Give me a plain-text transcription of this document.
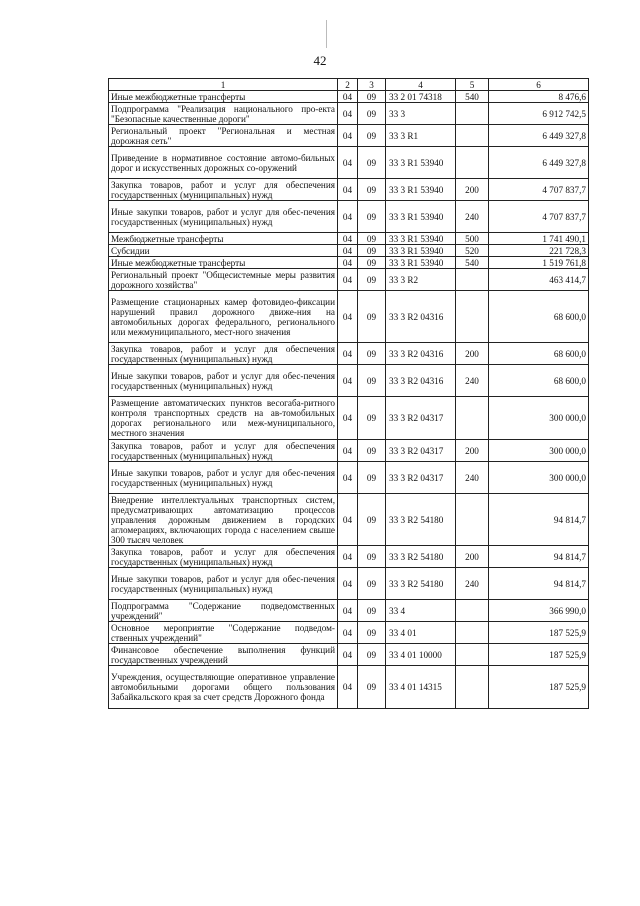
42
1	2	3	4	5	6
Иные межбюджетные трансферты	04	09	33 2 01 74318	540	8 476,6
Подпрограмма "Реализация национального про-екта "Безопасные качественные дороги"	04	09	33 3		6 912 742,5
Региональный проект "Региональная и местная дорожная сеть"	04	09	33 3 R1		6 449 327,8
Приведение в нормативное состояние автомо-бильных дорог и искусственных дорожных со-оружений	04	09	33 3 R1 53940		6 449 327,8
Закупка товаров, работ и услуг для обеспечения государственных (муниципальных) нужд	04	09	33 3 R1 53940	200	4 707 837,7
Иные закупки товаров, работ и услуг для обес-печения государственных (муниципальных) нужд	04	09	33 3 R1 53940	240	4 707 837,7
Межбюджетные трансферты	04	09	33 3 R1 53940	500	1 741 490,1
Субсидии	04	09	33 3 R1 53940	520	221 728,3
Иные межбюджетные трансферты	04	09	33 3 R1 53940	540	1 519 761,8
Региональный проект "Общесистемные меры развития дорожного хозяйства"	04	09	33 3 R2		463 414,7
Размещение стационарных камер фотовидео-фиксации нарушений правил дорожного движе-ния на автомобильных дорогах федерального, регионального или межмуниципального, мест-ного значения	04	09	33 3 R2 04316		68 600,0
Закупка товаров, работ и услуг для обеспечения государственных (муниципальных) нужд	04	09	33 3 R2 04316	200	68 600,0
Иные закупки товаров, работ и услуг для обес-печения государственных (муниципальных) нужд	04	09	33 3 R2 04316	240	68 600,0
Размещение автоматических пунктов весогаба-ритного контроля транспортных средств на ав-томобильных дорогах регионального или меж-муниципального, местного значения	04	09	33 3 R2 04317		300 000,0
Закупка товаров, работ и услуг для обеспечения государственных (муниципальных) нужд	04	09	33 3 R2 04317	200	300 000,0
Иные закупки товаров, работ и услуг для обес-печения государственных (муниципальных) нужд	04	09	33 3 R2 04317	240	300 000,0
Внедрение интеллектуальных транспортных систем, предусматривающих автоматизацию процессов управления дорожным движением в городских агломерациях, включающих города с населением свыше 300 тысяч человек	04	09	33 3 R2 54180		94 814,7
Закупка товаров, работ и услуг для обеспечения государственных (муниципальных) нужд	04	09	33 3 R2 54180	200	94 814,7
Иные закупки товаров, работ и услуг для обес-печения государственных (муниципальных) нужд	04	09	33 3 R2 54180	240	94 814,7
Подпрограмма "Содержание подведомственных учреждений"	04	09	33 4		366 990,0
Основное мероприятие "Содержание подведом-ственных учреждений"	04	09	33 4 01		187 525,9
Финансовое обеспечение выполнения функций государственных учреждений	04	09	33 4 01 10000		187 525,9
Учреждения, осуществляющие оперативное управление автомобильными дорогами общего пользования Забайкальского края за счет средств Дорожного фонда	04	09	33 4 01 14315		187 525,9
